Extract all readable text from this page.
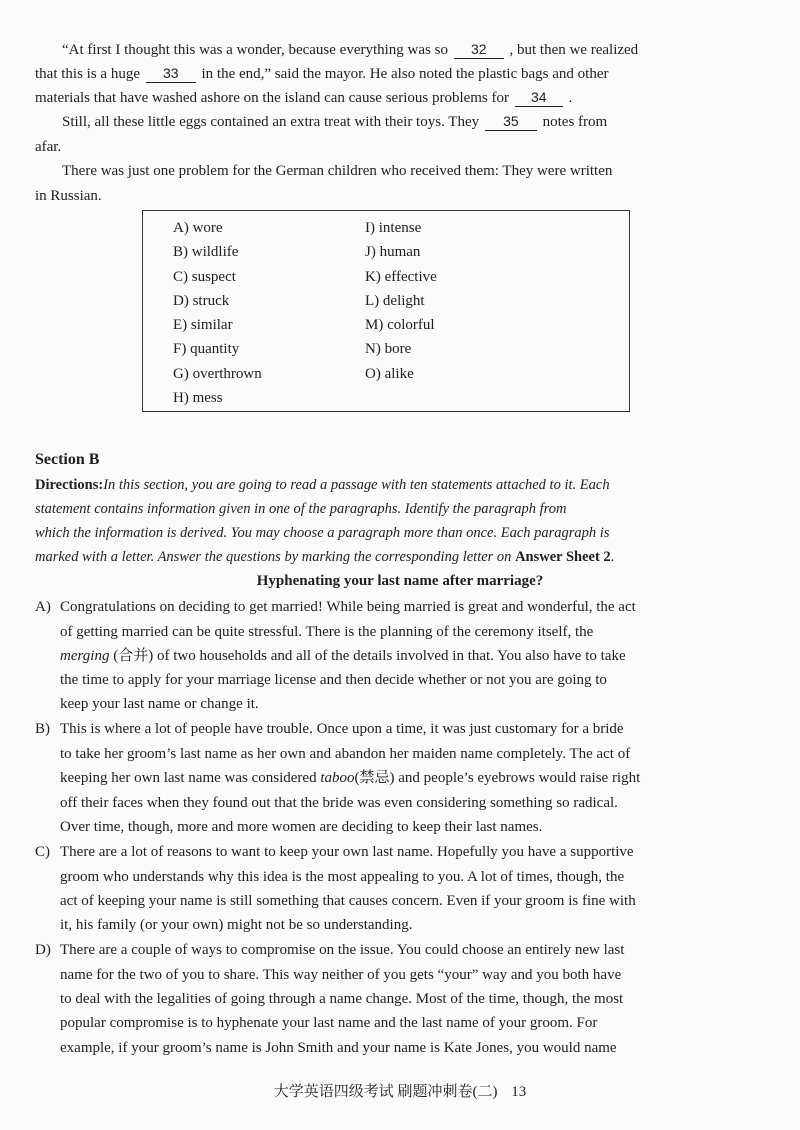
“At first I thought this was a wonder, because everything was so 32 , but then we realized
that this is a huge 33 in the end,” said the mayor. He also noted the plastic bags and other
materials that have washed ashore on the island can cause serious problems for 34 .
Still, all these little eggs contained an extra treat with their toys. They 35 notes from
afar.
There was just one problem for the German children who received them: They were written
in Russian.
A) wore
B) wildlife
C) suspect
D) struck
E) similar
F) quantity
G) overthrown
H) mess
I) intense
J) human
K) effective
L) delight
M) colorful
N) bore
O) alike
Section B
Directions:In this section, you are going to read a passage with ten statements attached to it. Each
statement contains information given in one of the paragraphs. Identify the paragraph from
which the information is derived. You may choose a paragraph more than once. Each paragraph is
marked with a letter. Answer the questions by marking the corresponding letter on Answer Sheet 2.
Hyphenating your last name after marriage?
A) Congratulations on deciding to get married! While being married is great and wonderful, the act
of getting married can be quite stressful. There is the planning of the ceremony itself, the
merging (合并) of two households and all of the details involved in that. You also have to take
the time to apply for your marriage license and then decide whether or not you are going to
keep your last name or change it.
B) This is where a lot of people have trouble. Once upon a time, it was just customary for a bride
to take her groom’s last name as her own and abandon her maiden name completely. The act of
keeping her own last name was considered taboo(禁忌) and people’s eyebrows would raise right
off their faces when they found out that the bride was even considering something so radical.
Over time, though, more and more women are deciding to keep their last names.
C) There are a lot of reasons to want to keep your own last name. Hopefully you have a supportive
groom who understands why this idea is the most appealing to you. A lot of times, though, the
act of keeping your name is still something that causes concern. Even if your groom is fine with
it, his family (or your own) might not be so understanding.
D) There are a couple of ways to compromise on the issue. You could choose an entirely new last
name for the two of you to share. This way neither of you gets “your” way and you both have
to deal with the legalities of going through a name change. Most of the time, though, the most
popular compromise is to hyphenate your last name and the last name of your groom. For
example, if your groom’s name is John Smith and your name is Kate Jones, you would name
大学英语四级考试 刷题冲刺卷(二) 13
